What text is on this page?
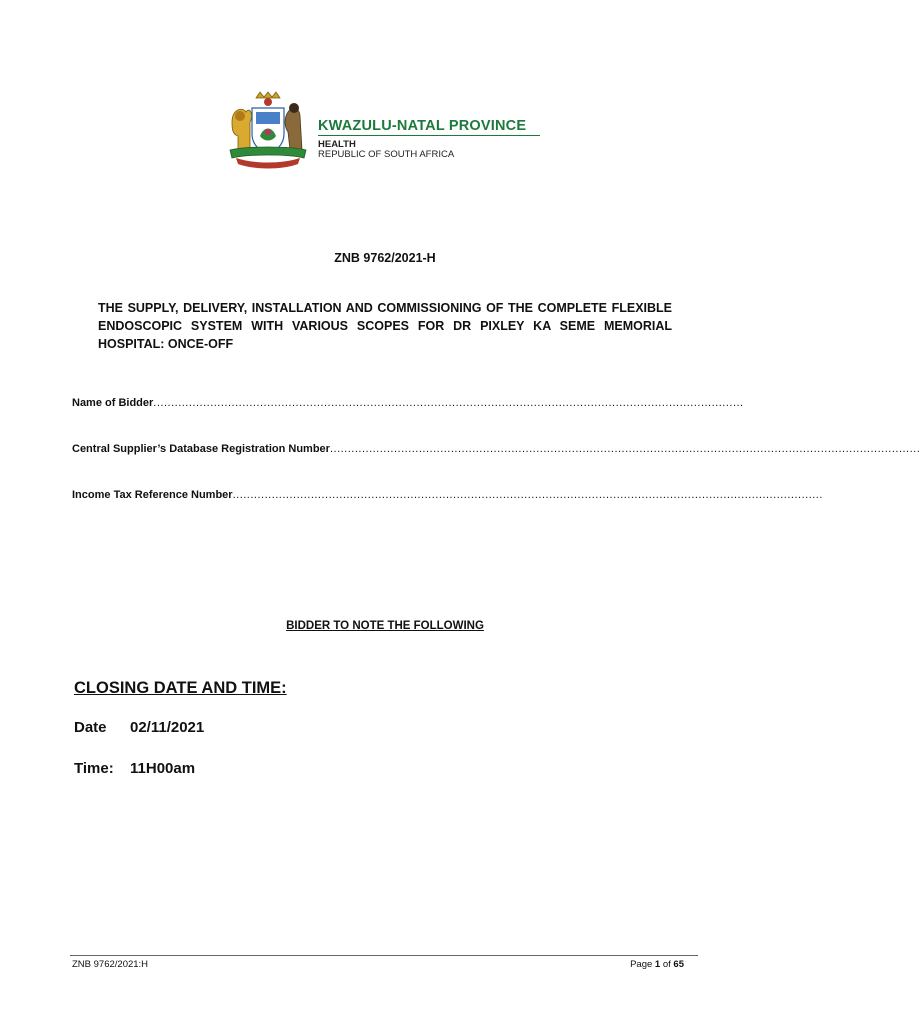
KWAZULU-NATAL PROVINCE
HEALTH
REPUBLIC OF SOUTH AFRICA
ZNB 9762/2021-H
THE SUPPLY, DELIVERY, INSTALLATION AND COMMISSIONING OF THE COMPLETE FLEXIBLE ENDOSCOPIC SYSTEM WITH VARIOUS SCOPES FOR DR PIXLEY KA SEME MEMORIAL HOSPITAL: ONCE-OFF
Name of Bidder ......................................................................................................................................................................
Central Supplier’s Database Registration Number ......................................................................................................................................................................
Income Tax Reference Number ......................................................................................................................................................................
BIDDER TO NOTE THE FOLLOWING
CLOSING DATE AND TIME:
Date 02/11/2021
Time: 11H00am
ZNB 9762/2021:H	Page 1 of 65
